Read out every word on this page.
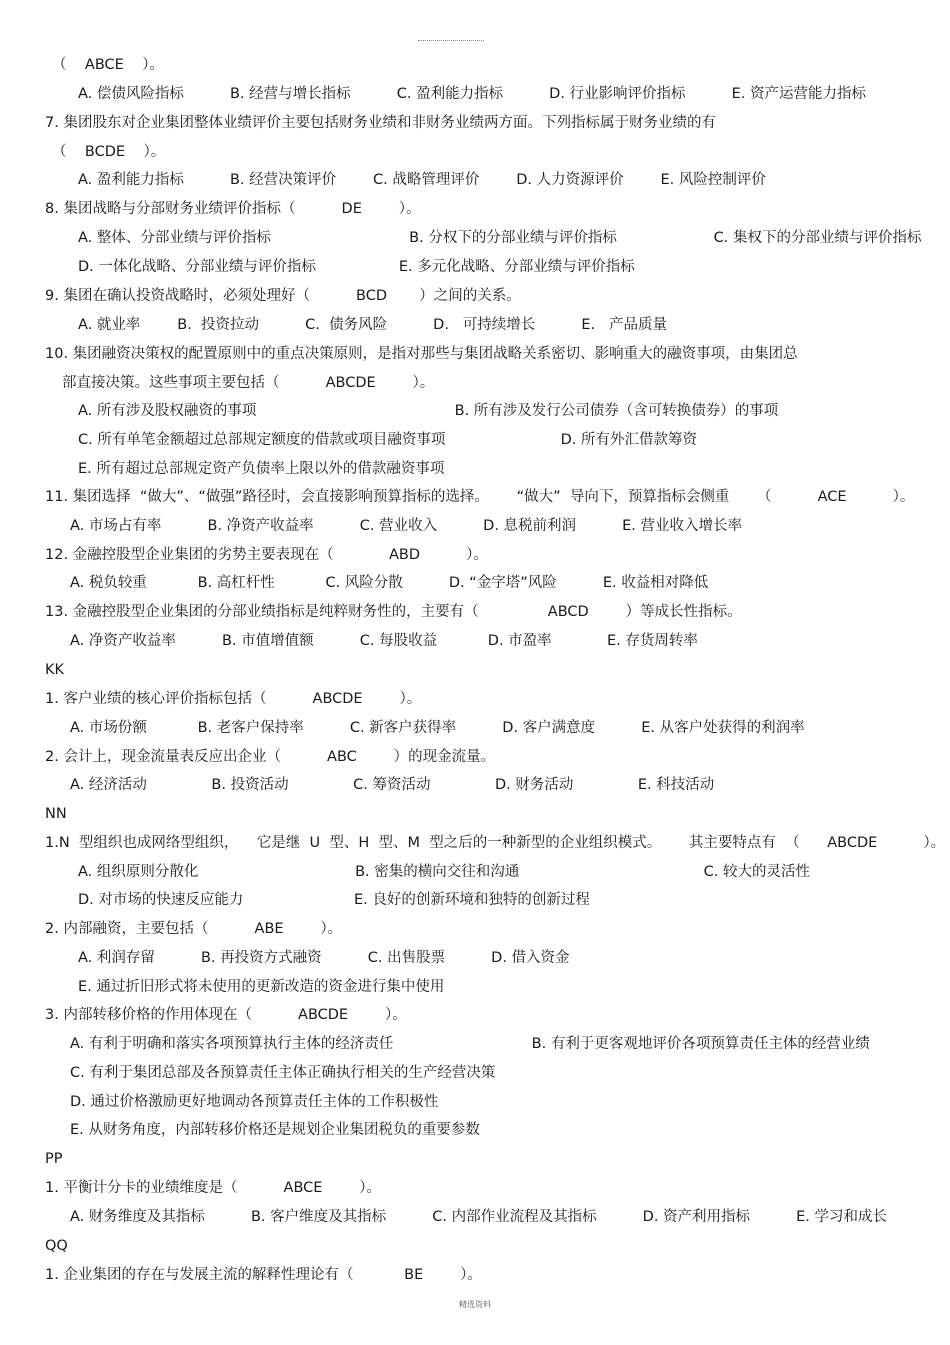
（    ABCE    ）。
A. 偿债风险指标          B. 经营与增长指标          C. 盈利能力指标          D. 行业影响评价指标          E. 资产运营能力指标
7. 集团股东对企业集团整体业绩评价主要包括财务业绩和非财务业绩两方面。下列指标属于财务业绩的有
（    BCDE    ）。
A. 盈利能力指标          B. 经营决策评价        C. 战略管理评价        D. 人力资源评价        E. 风险控制评价
8. 集团战略与分部财务业绩评价指标（          DE        ）。
A. 整体、分部业绩与评价指标                              B. 分权下的分部业绩与评价指标                     C. 集权下的分部业绩与评价指标
D. 一体化战略、分部业绩与评价指标                  E. 多元化战略、分部业绩与评价指标
9. 集团在确认投资战略时，必须处理好（          BCD       ）之间的关系。
A. 就业率        B.  投资拉动          C.  债务风险          D.   可持续增长          E.   产品质量
10. 集团融资决策权的配置原则中的重点决策原则，是指对那些与集团战略关系密切、影响重大的融资事项，由集团总
部直接决策。这些事项主要包括（          ABCDE        ）。
A. 所有涉及股权融资的事项                                           B. 所有涉及发行公司债券（含可转换债券）的事项
C. 所有单笔金额超过总部规定额度的借款或项目融资事项                         D. 所有外汇借款筹资
E. 所有超过总部规定资产负债率上限以外的借款融资事项
11. 集团选择  “做大”、“做强”路径时，会直接影响预算指标的选择。      “做大”  导向下，预算指标会侧重      （          ACE          ）。
A. 市场占有率          B. 净资产收益率          C. 营业收入          D. 息税前利润          E. 营业收入增长率
12. 金融控股型企业集团的劣势主要表现在（            ABD          ）。
A. 税负较重           B. 高杠杆性           C. 风险分散          D. “金字塔”风险          E. 收益相对降低
13. 金融控股型企业集团的分部业绩指标是纯粹财务性的，主要有（               ABCD        ）等成长性指标。
A. 净资产收益率          B. 市值增值额          C. 每股收益           D. 市盈率            E. 存货周转率
KK
1. 客户业绩的核心评价指标包括（          ABCDE        ）。
A. 市场份额           B. 老客户保持率          C. 新客户获得率          D. 客户满意度          E. 从客户处获得的利润率
2. 会计上，现金流量表反应出企业（          ABC        ）的现金流量。
A. 经济活动              B. 投资活动              C. 筹资活动              D. 财务活动              E. 科技活动
NN
1.N  型组织也成网络型组织，    它是继  U  型、H  型、M  型之后的一种新型的企业组织模式。      其主要特点有  （      ABCDE          ）。
A. 组织原则分散化                                  B. 密集的横向交往和沟通                                        C. 较大的灵活性
D. 对市场的快速反应能力                        E. 良好的创新环境和独特的创新过程
2. 内部融资，主要包括（          ABE        ）。
A. 利润存留          B. 再投资方式融资          C. 出售股票          D. 借入资金
E. 通过折旧形式将未使用的更新改造的资金进行集中使用
3. 内部转移价格的作用体现在（          ABCDE        ）。
A. 有利于明确和落实各项预算执行主体的经济责任                              B. 有利于更客观地评价各项预算责任主体的经营业绩
C. 有利于集团总部及各预算责任主体正确执行相关的生产经营决策
D. 通过价格激励更好地调动各预算责任主体的工作积极性
E. 从财务角度，内部转移价格还是规划企业集团税负的重要参数
PP
1. 平衡计分卡的业绩维度是（          ABCE        ）。
A. 财务维度及其指标          B. 客户维度及其指标          C. 内部作业流程及其指标          D. 资产利用指标          E. 学习和成长
QQ
1. 企业集团的存在与发展主流的解释性理论有（           BE        ）。
精选资料
